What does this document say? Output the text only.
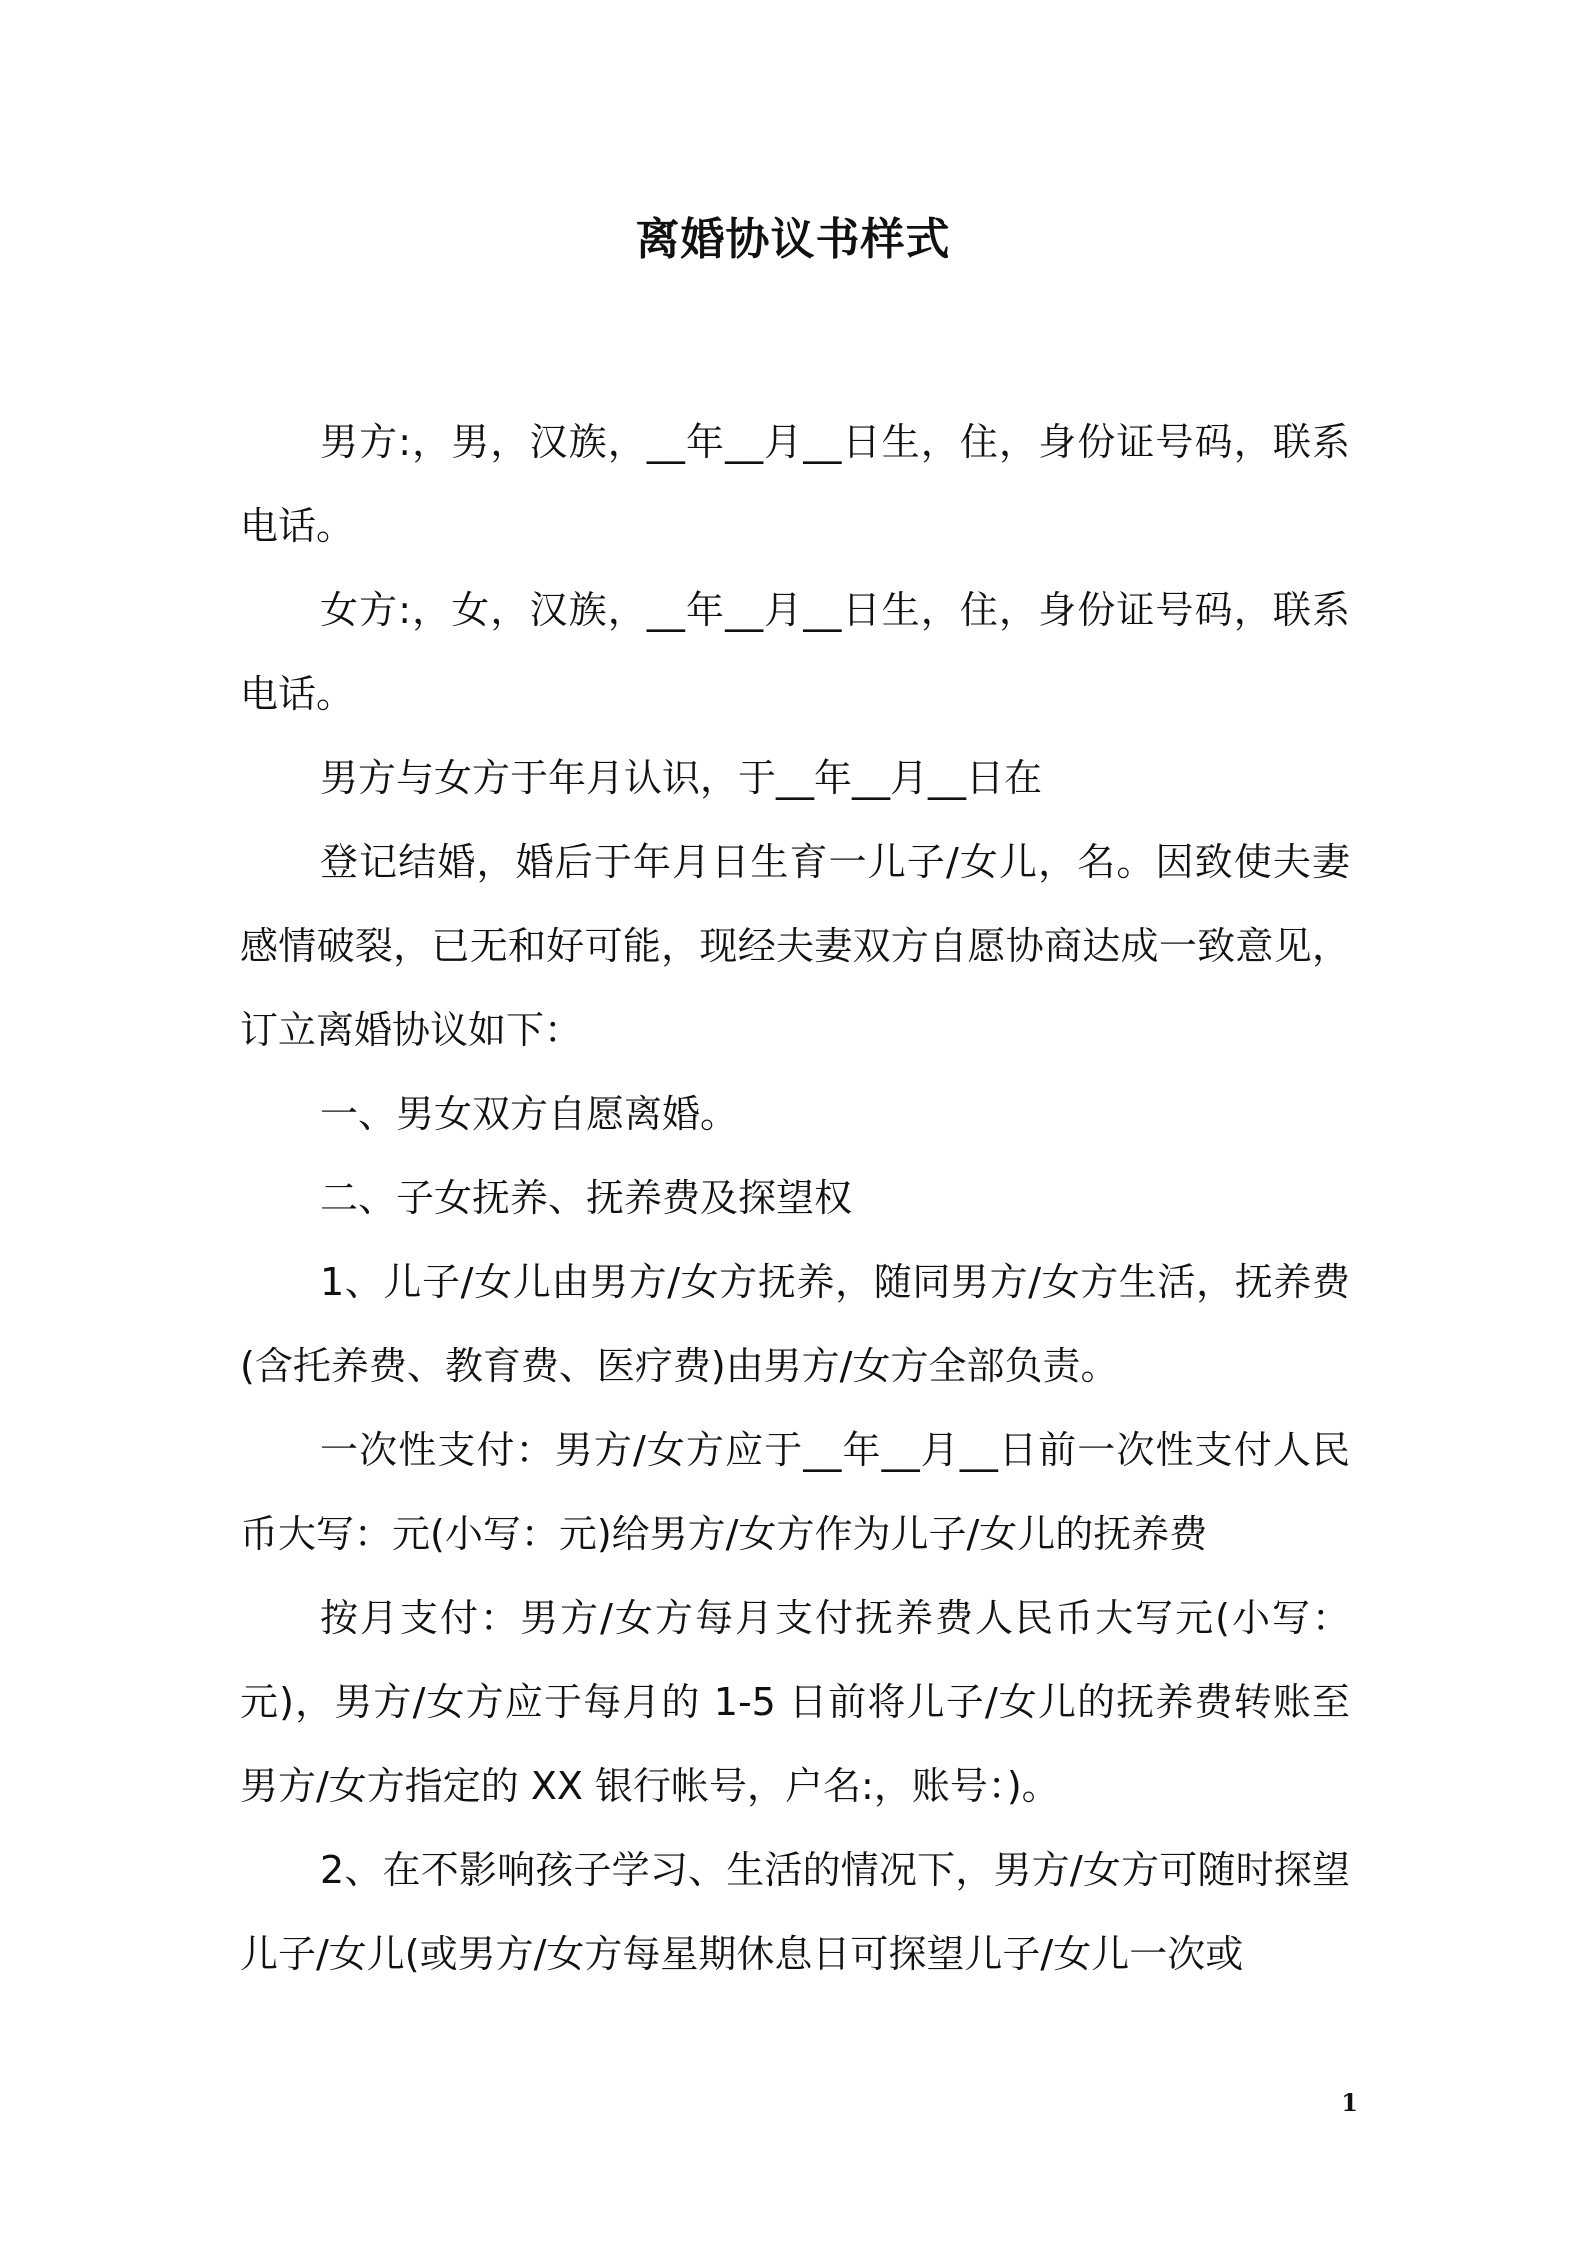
离婚协议书样式

男方:，男，汉族，__年__月__日生，住，身份证号码，联系电话。

女方:，女，汉族，__年__月__日生，住，身份证号码，联系电话。

男方与女方于年月认识，于__年__月__日在

登记结婚，婚后于年月日生育一儿子/女儿，名。因致使夫妻感情破裂，已无和好可能，现经夫妻双方自愿协商达成一致意见，订立离婚协议如下：

一、男女双方自愿离婚。

二、子女抚养、抚养费及探望权

1、儿子/女儿由男方/女方抚养，随同男方/女方生活，抚养费(含托养费、教育费、医疗费)由男方/女方全部负责。

一次性支付：男方/女方应于__年__月__日前一次性支付人民币大写：元(小写：元)给男方/女方作为儿子/女儿的抚养费

按月支付：男方/女方每月支付抚养费人民币大写元(小写：元)，男方/女方应于每月的 1-5 日前将儿子/女儿的抚养费转账至男方/女方指定的 XX 银行帐号，户名:，账号：)。

2、在不影响孩子学习、生活的情况下，男方/女方可随时探望儿子/女儿(或男方/女方每星期休息日可探望儿子/女儿一次或

1
